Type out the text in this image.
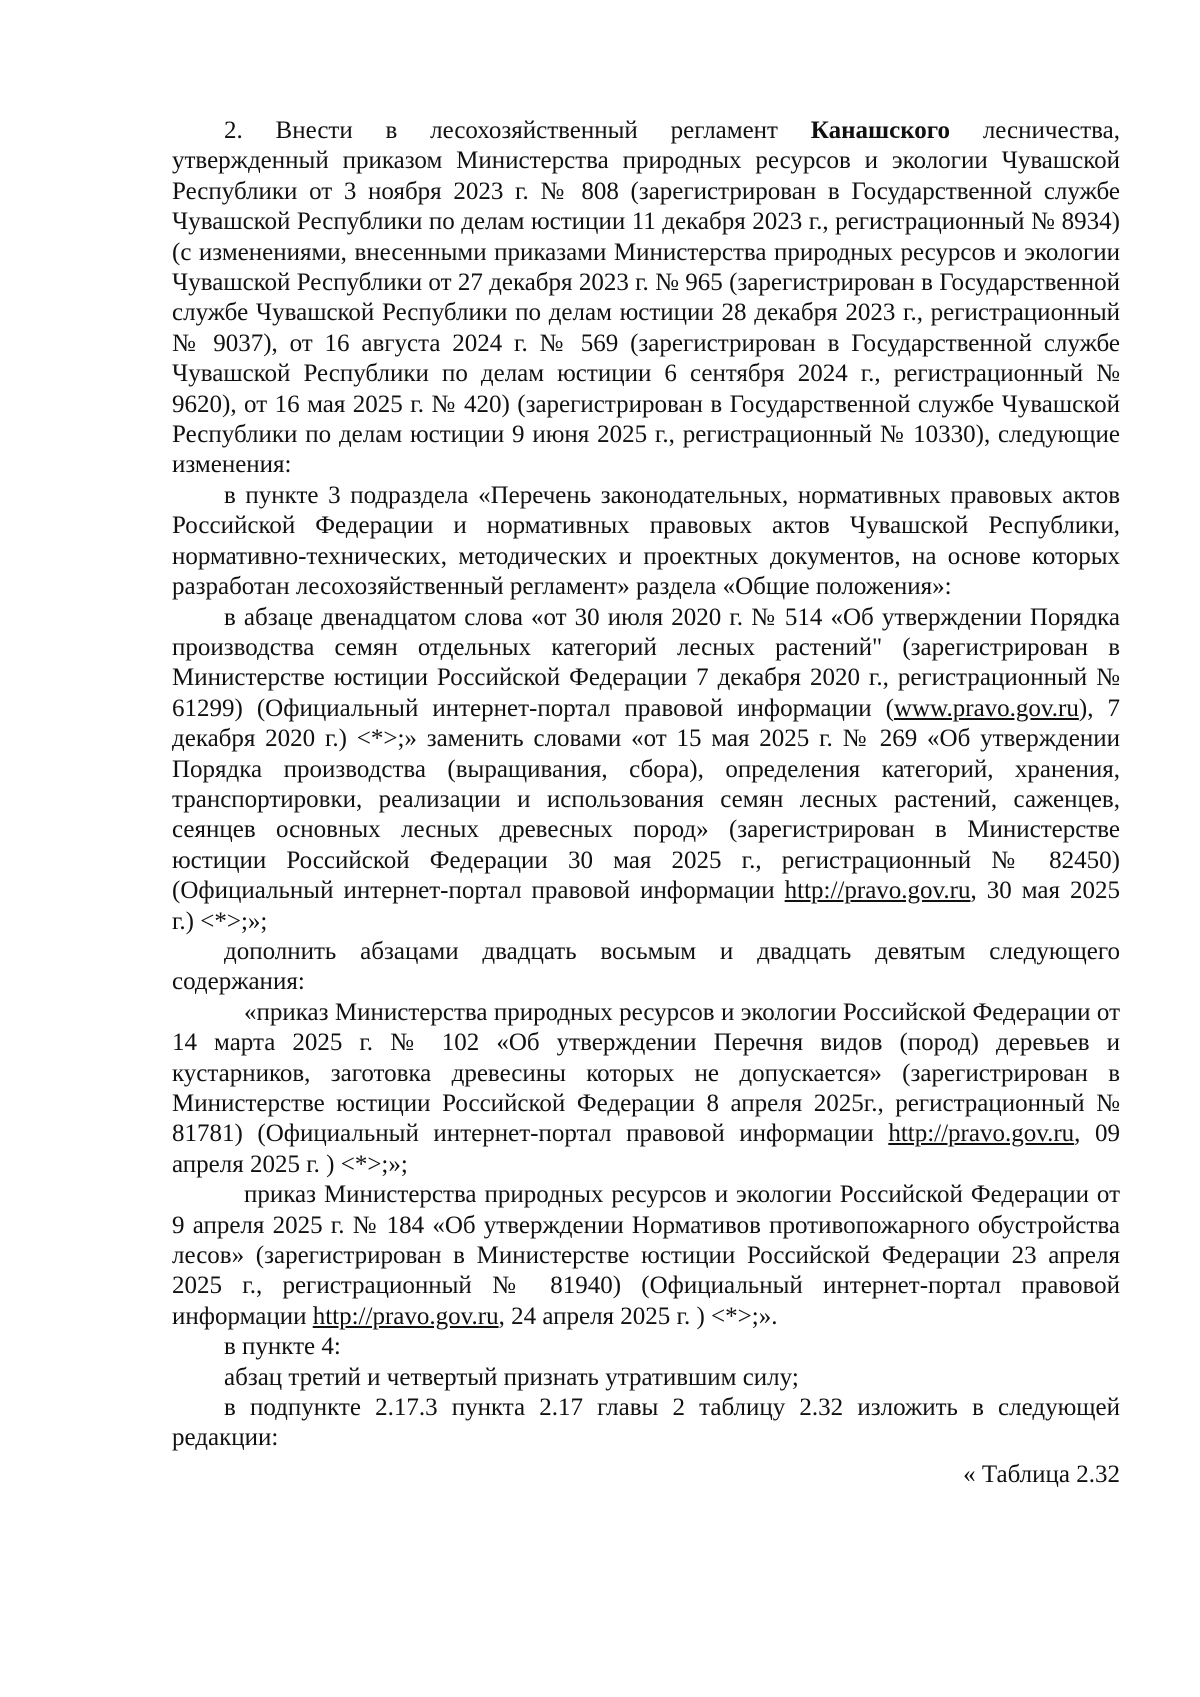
2. Внести в лесохозяйственный регламент Канашского лесничества, утвержденный приказом Министерства природных ресурсов и экологии Чувашской Республики от 3 ноября 2023 г. № 808 (зарегистрирован в Государственной службе Чувашской Республики по делам юстиции 11 декабря 2023 г., регистрационный № 8934) (с изменениями, внесенными приказами Министерства природных ресурсов и экологии Чувашской Республики от 27 декабря 2023 г. № 965 (зарегистрирован в Государственной службе Чувашской Республики по делам юстиции 28 декабря 2023 г., регистрационный № 9037), от 16 августа 2024 г. № 569 (зарегистрирован в Государственной службе Чувашской Республики по делам юстиции 6 сентября 2024 г., регистрационный № 9620), от 16 мая 2025 г. № 420) (зарегистрирован в Государственной службе Чувашской Республики по делам юстиции 9 июня 2025 г., регистрационный № 10330), следующие изменения:

в пункте 3 подраздела «Перечень законодательных, нормативных правовых актов Российской Федерации и нормативных правовых актов Чувашской Республики, нормативно-технических, методических и проектных документов, на основе которых разработан лесохозяйственный регламент» раздела «Общие положения»:

в абзаце двенадцатом слова «от 30 июля 2020 г. № 514 «Об утверждении Порядка производства семян отдельных категорий лесных растений" (зарегистрирован в Министерстве юстиции Российской Федерации 7 декабря 2020 г., регистрационный № 61299) (Официальный интернет-портал правовой информации (www.pravo.gov.ru), 7 декабря 2020 г.) <*>;» заменить словами «от 15 мая 2025 г. № 269 «Об утверждении Порядка производства (выращивания, сбора), определения категорий, хранения, транспортировки, реализации и использования семян лесных растений, саженцев, сеянцев основных лесных древесных пород» (зарегистрирован в Министерстве юстиции Российской Федерации 30 мая 2025 г., регистрационный № 82450) (Официальный интернет-портал правовой информации http://pravo.gov.ru, 30 мая 2025 г.) <*>;»;

дополнить абзацами двадцать восьмым и двадцать девятым следующего содержания:

«приказ Министерства природных ресурсов и экологии Российской Федерации от 14 марта 2025 г. № 102 «Об утверждении Перечня видов (пород) деревьев и кустарников, заготовка древесины которых не допускается» (зарегистрирован в Министерстве юстиции Российской Федерации 8 апреля 2025г., регистрационный № 81781) (Официальный интернет-портал правовой информации http://pravo.gov.ru, 09 апреля 2025 г. ) <*>;»;

приказ Министерства природных ресурсов и экологии Российской Федерации от 9 апреля 2025 г. № 184 «Об утверждении Нормативов противопожарного обустройства лесов» (зарегистрирован в Министерстве юстиции Российской Федерации 23 апреля 2025 г., регистрационный № 81940) (Официальный интернет-портал правовой информации http://pravo.gov.ru, 24 апреля 2025 г. ) <*>;».

в пункте 4:

абзац третий и четвертый признать утратившим силу;

в подпункте 2.17.3 пункта 2.17 главы 2 таблицу 2.32 изложить в следующей редакции:

« Таблица 2.32
